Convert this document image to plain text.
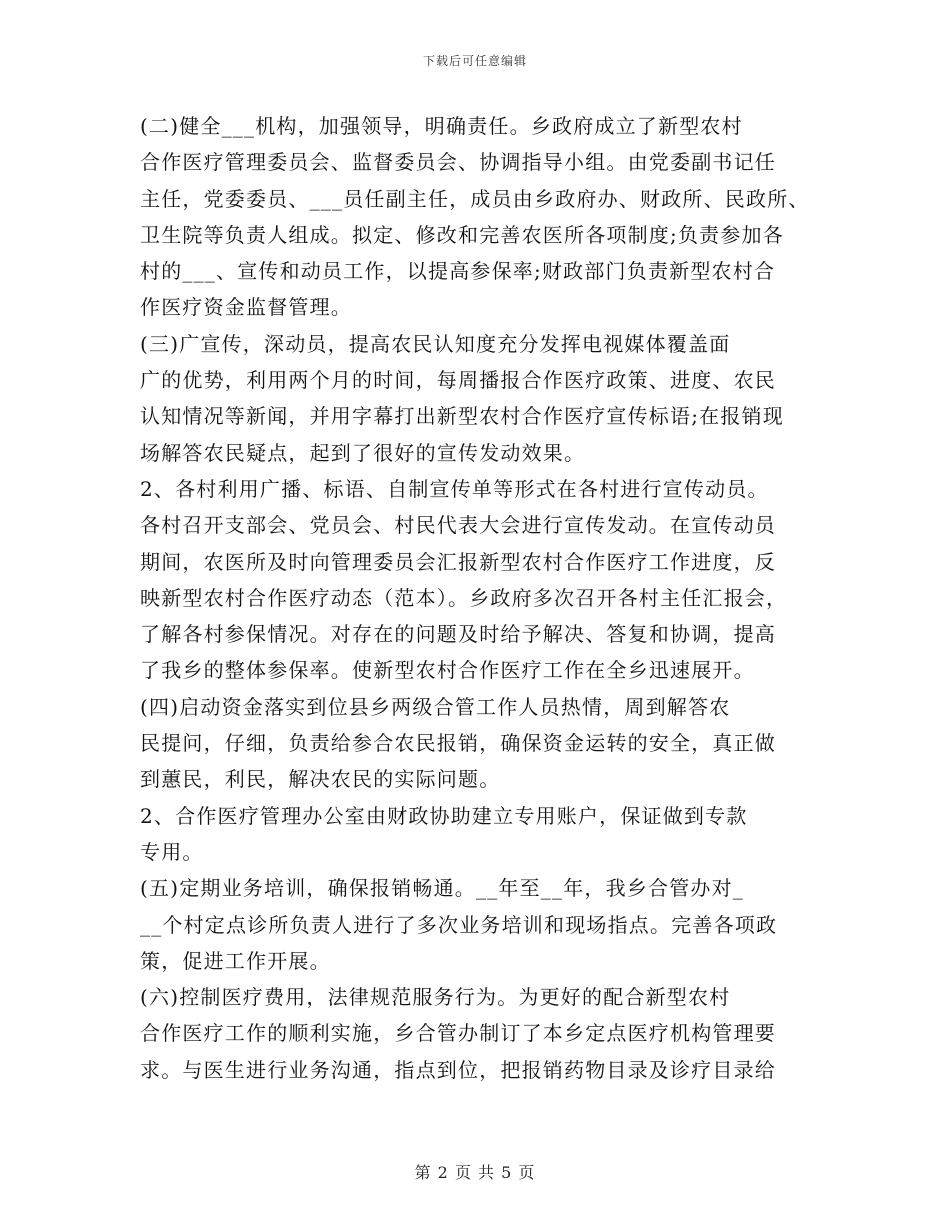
下载后可任意编辑
(二)健全___机构，加强领导，明确责任。乡政府成立了新型农村
合作医疗管理委员会、监督委员会、协调指导小组。由党委副书记任
主任，党委委员、___员任副主任，成员由乡政府办、财政所、民政所、
卫生院等负责人组成。拟定、修改和完善农医所各项制度;负责参加各
村的___、宣传和动员工作，以提高参保率;财政部门负责新型农村合
作医疗资金监督管理。
(三)广宣传，深动员，提高农民认知度充分发挥电视媒体覆盖面
广的优势，利用两个月的时间，每周播报合作医疗政策、进度、农民
认知情况等新闻，并用字幕打出新型农村合作医疗宣传标语;在报销现
场解答农民疑点，起到了很好的宣传发动效果。
2、各村利用广播、标语、自制宣传单等形式在各村进行宣传动员。
各村召开支部会、党员会、村民代表大会进行宣传发动。在宣传动员
期间，农医所及时向管理委员会汇报新型农村合作医疗工作进度，反
映新型农村合作医疗动态（范本）。乡政府多次召开各村主任汇报会，
了解各村参保情况。对存在的问题及时给予解决、答复和协调，提高
了我乡的整体参保率。使新型农村合作医疗工作在全乡迅速展开。
(四)启动资金落实到位县乡两级合管工作人员热情，周到解答农
民提问，仔细，负责给参合农民报销，确保资金运转的安全，真正做
到蕙民，利民，解决农民的实际问题。
2、合作医疗管理办公室由财政协助建立专用账户，保证做到专款
专用。
(五)定期业务培训，确保报销畅通。__年至__年，我乡合管办对_
__个村定点诊所负责人进行了多次业务培训和现场指点。完善各项政
策，促进工作开展。
(六)控制医疗费用，法律规范服务行为。为更好的配合新型农村
合作医疗工作的顺利实施，乡合管办制订了本乡定点医疗机构管理要
求。与医生进行业务沟通，指点到位，把报销药物目录及诊疗目录给
第 2 页 共 5 页
